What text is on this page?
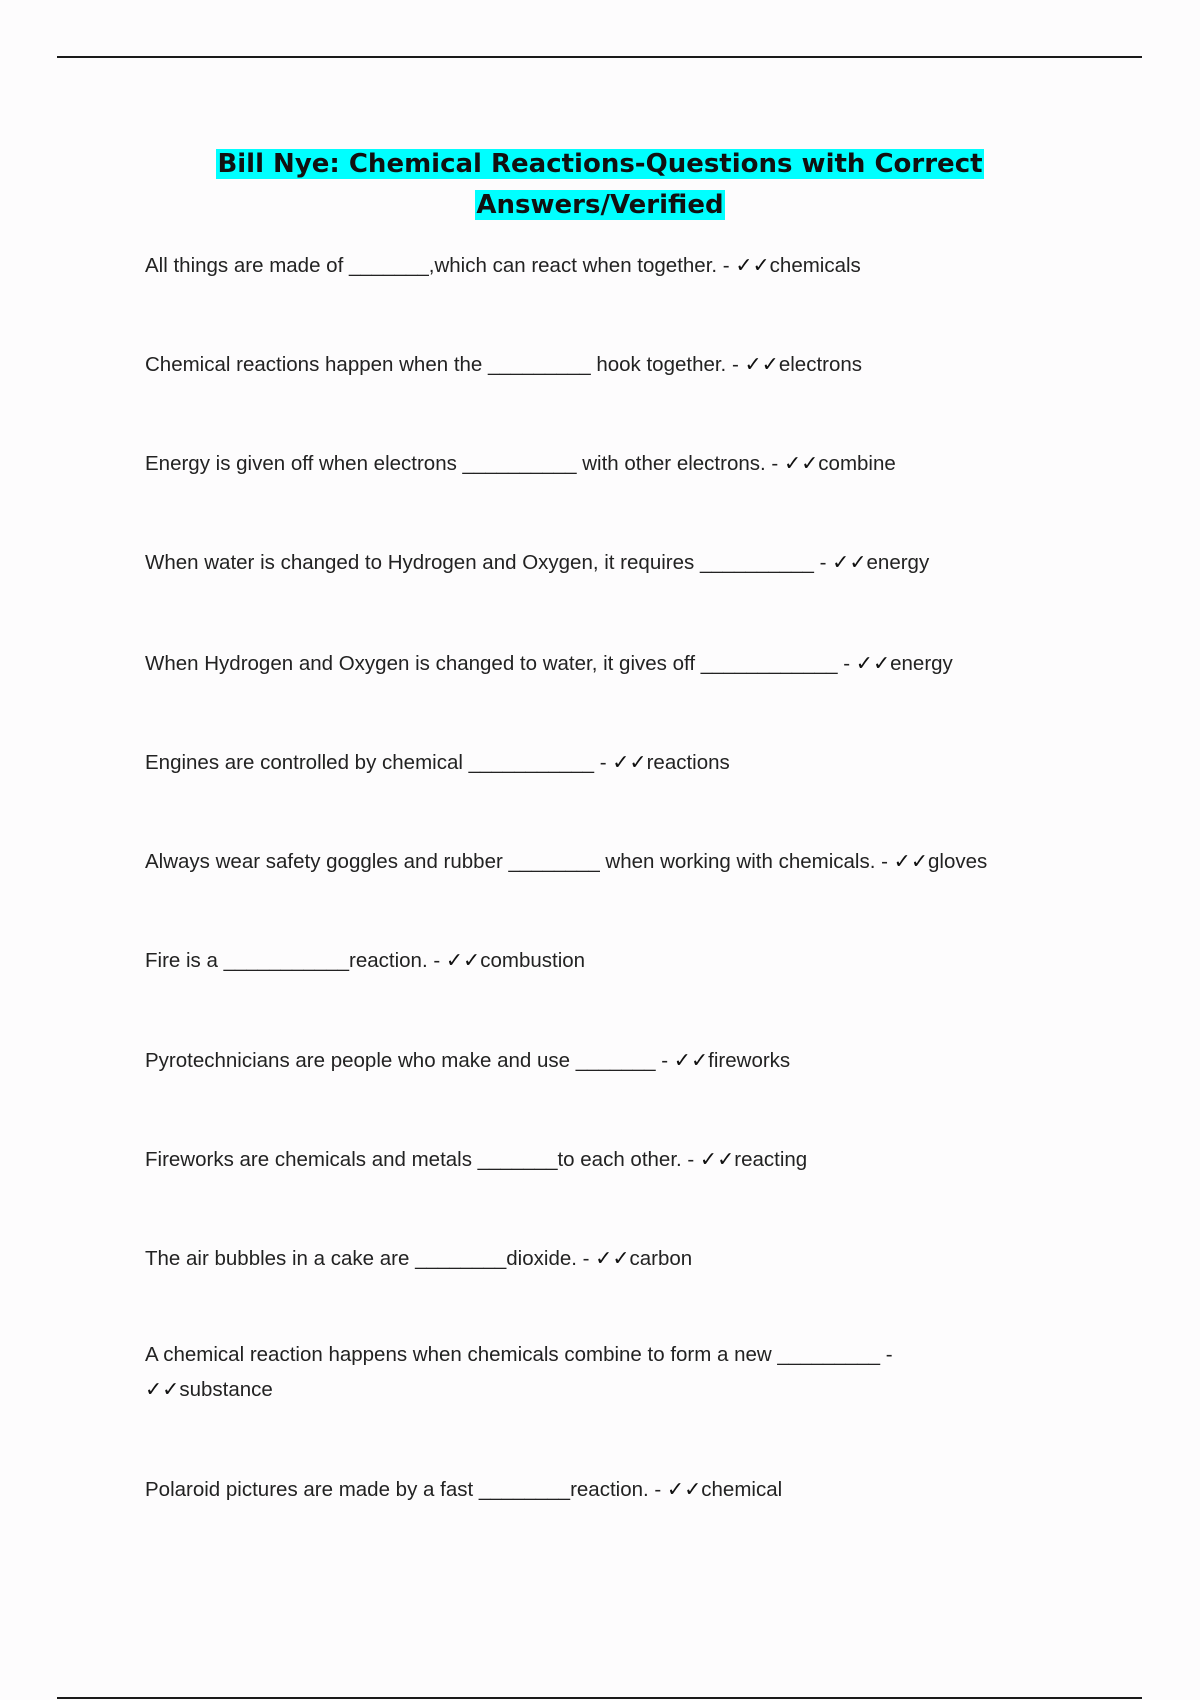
Bill Nye: Chemical Reactions-Questions with Correct
Answers/Verified
All things are made of _______,which can react when together. - ✓✓chemicals
Chemical reactions happen when the _________ hook together. - ✓✓electrons
Energy is given off when electrons __________ with other electrons. - ✓✓combine
When water is changed to Hydrogen and Oxygen, it requires __________ - ✓✓energy
When Hydrogen and Oxygen is changed to water, it gives off ____________ - ✓✓energy
Engines are controlled by chemical ___________ - ✓✓reactions
Always wear safety goggles and rubber ________ when working with chemicals. - ✓✓gloves
Fire is a ___________reaction. - ✓✓combustion
Pyrotechnicians are people who make and use _______ - ✓✓fireworks
Fireworks are chemicals and metals _______to each other. - ✓✓reacting
The air bubbles in a cake are ________dioxide. - ✓✓carbon
A chemical reaction happens when chemicals combine to form a new _________ -
✓✓substance
Polaroid pictures are made by a fast ________reaction. - ✓✓chemical
